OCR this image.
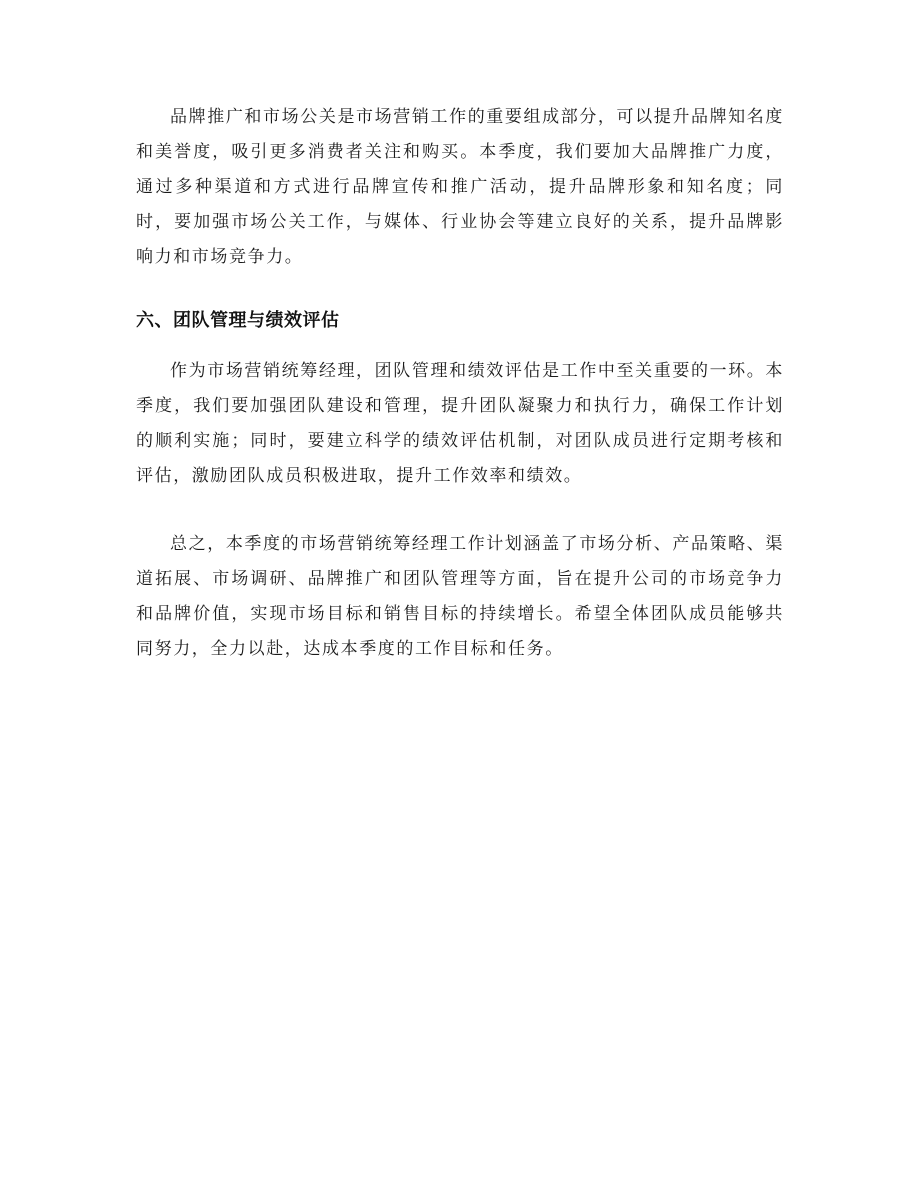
品牌推广和市场公关是市场营销工作的重要组成部分，可以提升品牌知名度和美誉度，吸引更多消费者关注和购买。本季度，我们要加大品牌推广力度，通过多种渠道和方式进行品牌宣传和推广活动，提升品牌形象和知名度；同时，要加强市场公关工作，与媒体、行业协会等建立良好的关系，提升品牌影响力和市场竞争力。

六、团队管理与绩效评估

作为市场营销统筹经理，团队管理和绩效评估是工作中至关重要的一环。本季度，我们要加强团队建设和管理，提升团队凝聚力和执行力，确保工作计划的顺利实施；同时，要建立科学的绩效评估机制，对团队成员进行定期考核和评估，激励团队成员积极进取，提升工作效率和绩效。

总之，本季度的市场营销统筹经理工作计划涵盖了市场分析、产品策略、渠道拓展、市场调研、品牌推广和团队管理等方面，旨在提升公司的市场竞争力和品牌价值，实现市场目标和销售目标的持续增长。希望全体团队成员能够共同努力，全力以赴，达成本季度的工作目标和任务。
